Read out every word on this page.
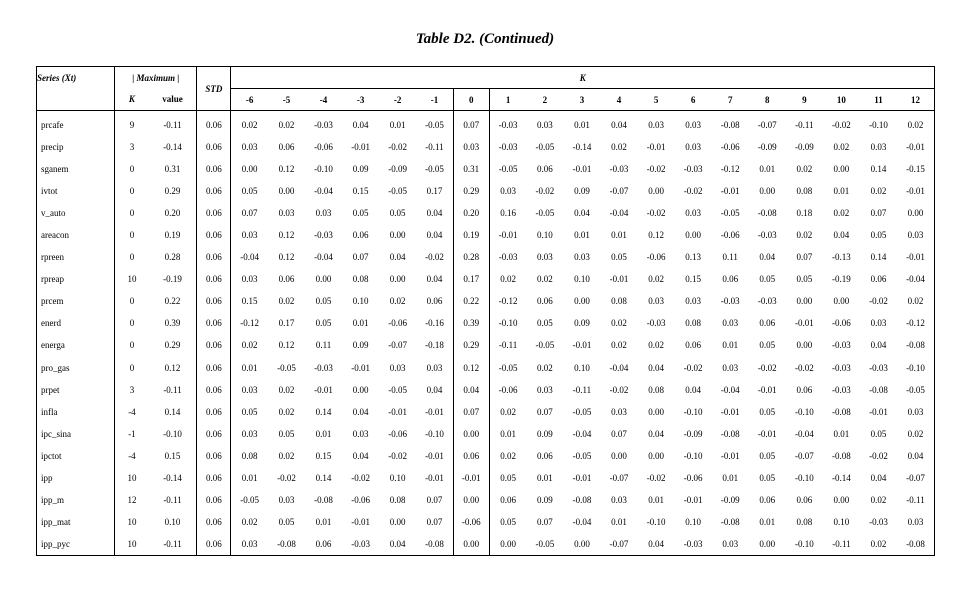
Table D2. (Continued)
Series (Xt)	| Maximum |		STD	K																		
	K	value		-6	-5	-4	-3	-2	-1	0	1	2	3	4	5	6	7	8	9	10	11	12
prcafe	9	-0.11	0.06	0.02	0.02	-0.03	0.04	0.01	-0.05	0.07	-0.03	0.03	0.01	0.04	0.03	0.03	-0.08	-0.07	-0.11	-0.02	-0.10	0.02
precip	3	-0.14	0.06	0.03	0.06	-0.06	-0.01	-0.02	-0.11	0.03	-0.03	-0.05	-0.14	0.02	-0.01	0.03	-0.06	-0.09	-0.09	0.02	0.03	-0.01
sganem	0	0.31	0.06	0.00	0.12	-0.10	0.09	-0.09	-0.05	0.31	-0.05	0.06	-0.01	-0.03	-0.02	-0.03	-0.12	0.01	0.02	0.00	0.14	-0.15
ivtot	0	0.29	0.06	0.05	0.00	-0.04	0.15	-0.05	0.17	0.29	0.03	-0.02	0.09	-0.07	0.00	-0.02	-0.01	0.00	0.08	0.01	0.02	-0.01
v_auto	0	0.20	0.06	0.07	0.03	0.03	0.05	0.05	0.04	0.20	0.16	-0.05	0.04	-0.04	-0.02	0.03	-0.05	-0.08	0.18	0.02	0.07	0.00
areacon	0	0.19	0.06	0.03	0.12	-0.03	0.06	0.00	0.04	0.19	-0.01	0.10	0.01	0.01	0.12	0.00	-0.06	-0.03	0.02	0.04	0.05	0.03
rpreen	0	0.28	0.06	-0.04	0.12	-0.04	0.07	0.04	-0.02	0.28	-0.03	0.03	0.03	0.05	-0.06	0.13	0.11	0.04	0.07	-0.13	0.14	-0.01
rpreap	10	-0.19	0.06	0.03	0.06	0.00	0.08	0.00	0.04	0.17	0.02	0.02	0.10	-0.01	0.02	0.15	0.06	0.05	0.05	-0.19	0.06	-0.04
prcem	0	0.22	0.06	0.15	0.02	0.05	0.10	0.02	0.06	0.22	-0.12	0.06	0.00	0.08	0.03	0.03	-0.03	-0.03	0.00	0.00	-0.02	0.02
enerd	0	0.39	0.06	-0.12	0.17	0.05	0.01	-0.06	-0.16	0.39	-0.10	0.05	0.09	0.02	-0.03	0.08	0.03	0.06	-0.01	-0.06	0.03	-0.12
energa	0	0.29	0.06	0.02	0.12	0.11	0.09	-0.07	-0.18	0.29	-0.11	-0.05	-0.01	0.02	0.02	0.06	0.01	0.05	0.00	-0.03	0.04	-0.08
pro_gas	0	0.12	0.06	0.01	-0.05	-0.03	-0.01	0.03	0.03	0.12	-0.05	0.02	0.10	-0.04	0.04	-0.02	0.03	-0.02	-0.02	-0.03	-0.03	-0.10
prpet	3	-0.11	0.06	0.03	0.02	-0.01	0.00	-0.05	0.04	0.04	-0.06	0.03	-0.11	-0.02	0.08	0.04	-0.04	-0.01	0.06	-0.03	-0.08	-0.05
infla	-4	0.14	0.06	0.05	0.02	0.14	0.04	-0.01	-0.01	0.07	0.02	0.07	-0.05	0.03	0.00	-0.10	-0.01	0.05	-0.10	-0.08	-0.01	0.03
ipc_sina	-1	-0.10	0.06	0.03	0.05	0.01	0.03	-0.06	-0.10	0.00	0.01	0.09	-0.04	0.07	0.04	-0.09	-0.08	-0.01	-0.04	0.01	0.05	0.02
ipctot	-4	0.15	0.06	0.08	0.02	0.15	0.04	-0.02	-0.01	0.06	0.02	0.06	-0.05	0.00	0.00	-0.10	-0.01	0.05	-0.07	-0.08	-0.02	0.04
ipp	10	-0.14	0.06	0.01	-0.02	0.14	-0.02	0.10	-0.01	-0.01	0.05	0.01	-0.01	-0.07	-0.02	-0.06	0.01	0.05	-0.10	-0.14	0.04	-0.07
ipp_m	12	-0.11	0.06	-0.05	0.03	-0.08	-0.06	0.08	0.07	0.00	0.06	0.09	-0.08	0.03	0.01	-0.01	-0.09	0.06	0.06	0.00	0.02	-0.11
ipp_mat	10	0.10	0.06	0.02	0.05	0.01	-0.01	0.00	0.07	-0.06	0.05	0.07	-0.04	0.01	-0.10	0.10	-0.08	0.01	0.08	0.10	-0.03	0.03
ipp_pyc	10	-0.11	0.06	0.03	-0.08	0.06	-0.03	0.04	-0.08	0.00	0.00	-0.05	0.00	-0.07	0.04	-0.03	0.03	0.00	-0.10	-0.11	0.02	-0.08
